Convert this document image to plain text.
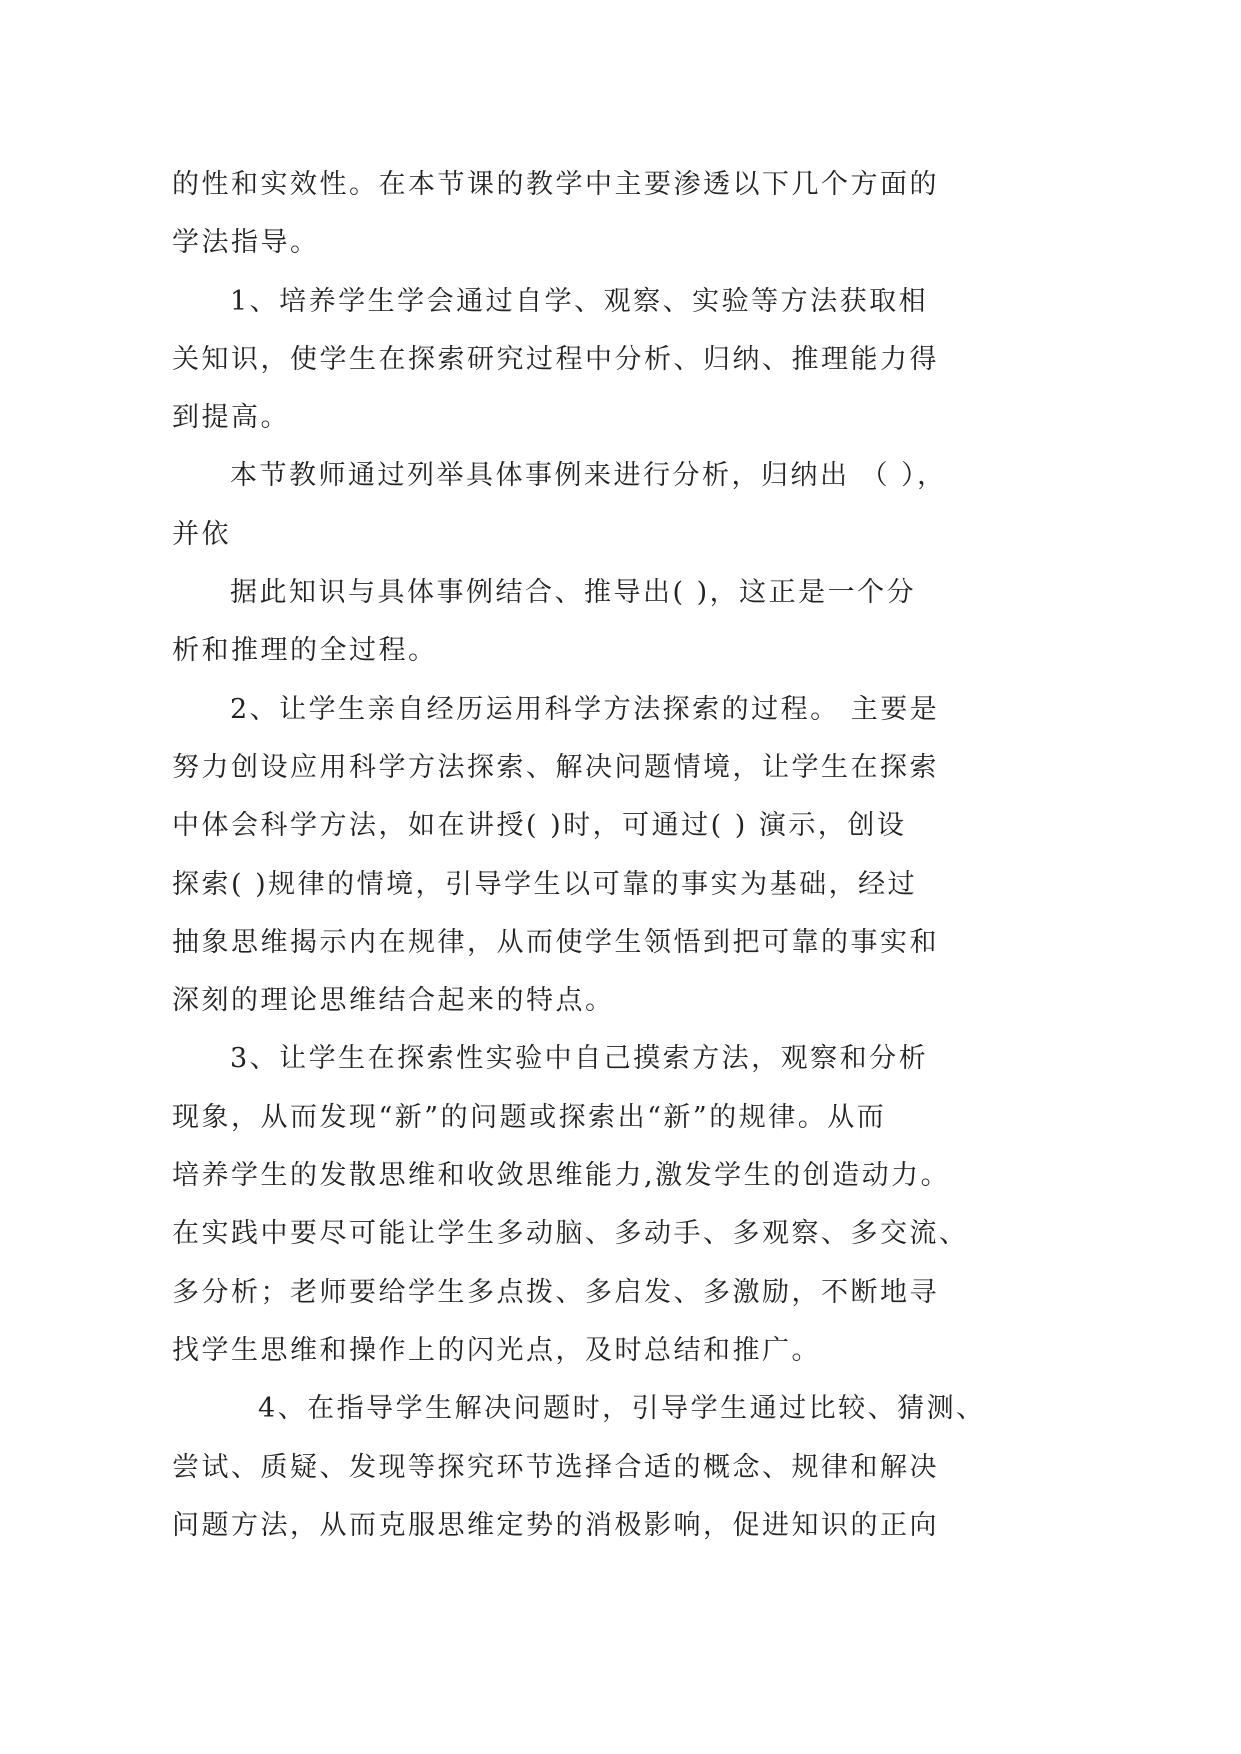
的性和实效性。在本节课的教学中主要渗透以下几个方面的
学法指导。
1、培养学生学会通过自学、观察、实验等方法获取相
关知识，使学生在探索研究过程中分析、归纳、推理能力得
到提高。
本节教师通过列举具体事例来进行分析，归纳出 （ ），
并依
据此知识与具体事例结合、推导出( )，这正是一个分
析和推理的全过程。
2、让学生亲自经历运用科学方法探索的过程。 主要是
努力创设应用科学方法探索、解决问题情境，让学生在探索
中体会科学方法，如在讲授( )时，可通过( ) 演示，创设
探索( )规律的情境，引导学生以可靠的事实为基础，经过
抽象思维揭示内在规律，从而使学生领悟到把可靠的事实和
深刻的理论思维结合起来的特点。
3、让学生在探索性实验中自己摸索方法，观察和分析
现象，从而发现“新”的问题或探索出“新”的规律。从而
培养学生的发散思维和收敛思维能力,激发学生的创造动力。
在实践中要尽可能让学生多动脑、多动手、多观察、多交流、
多分析；老师要给学生多点拨、多启发、多激励，不断地寻
找学生思维和操作上的闪光点，及时总结和推广。
4、在指导学生解决问题时，引导学生通过比较、猜测、
尝试、质疑、发现等探究环节选择合适的概念、规律和解决
问题方法，从而克服思维定势的消极影响，促进知识的正向
